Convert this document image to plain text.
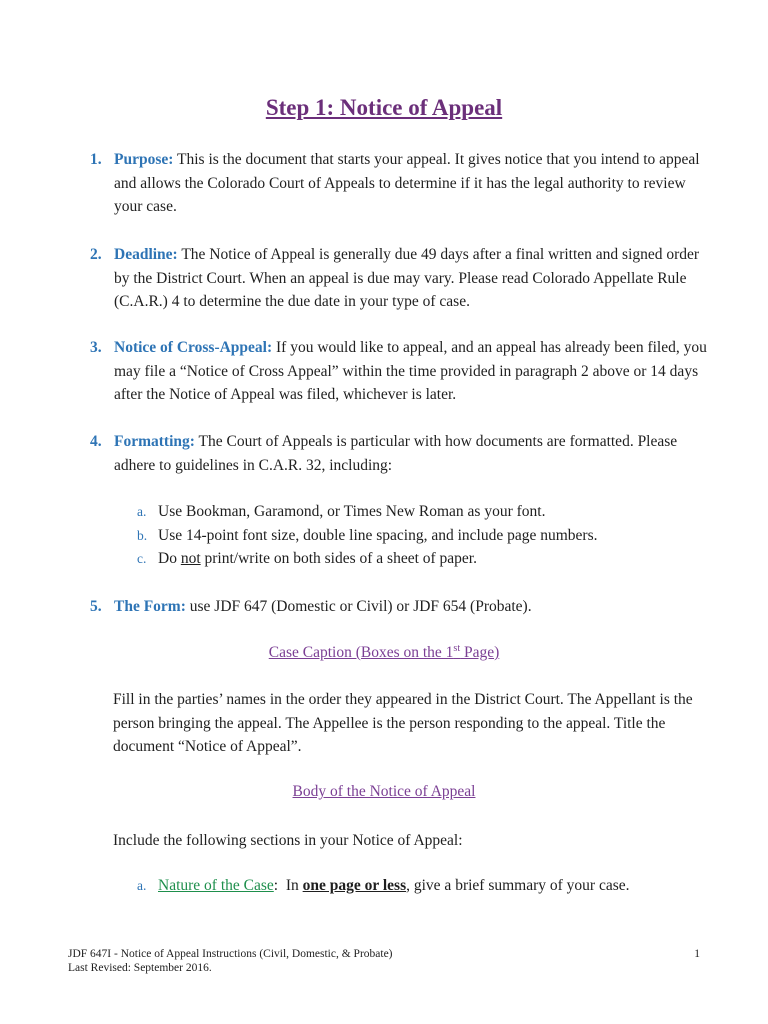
Step 1: Notice of Appeal
1. Purpose: This is the document that starts your appeal. It gives notice that you intend to appeal and allows the Colorado Court of Appeals to determine if it has the legal authority to review your case.
2. Deadline: The Notice of Appeal is generally due 49 days after a final written and signed order by the District Court. When an appeal is due may vary. Please read Colorado Appellate Rule (C.A.R.) 4 to determine the due date in your type of case.
3. Notice of Cross-Appeal: If you would like to appeal, and an appeal has already been filed, you may file a “Notice of Cross Appeal” within the time provided in paragraph 2 above or 14 days after the Notice of Appeal was filed, whichever is later.
4. Formatting: The Court of Appeals is particular with how documents are formatted. Please adhere to guidelines in C.A.R. 32, including:
a. Use Bookman, Garamond, or Times New Roman as your font.
b. Use 14-point font size, double line spacing, and include page numbers.
c. Do not print/write on both sides of a sheet of paper.
5. The Form: use JDF 647 (Domestic or Civil) or JDF 654 (Probate).
Case Caption (Boxes on the 1st Page)
Fill in the parties’ names in the order they appeared in the District Court. The Appellant is the person bringing the appeal. The Appellee is the person responding to the appeal. Title the document “Notice of Appeal”.
Body of the Notice of Appeal
Include the following sections in your Notice of Appeal:
a. Nature of the Case:  In one page or less, give a brief summary of your case.
JDF 647I - Notice of Appeal Instructions (Civil, Domestic, & Probate)
Last Revised: September 2016.
1
